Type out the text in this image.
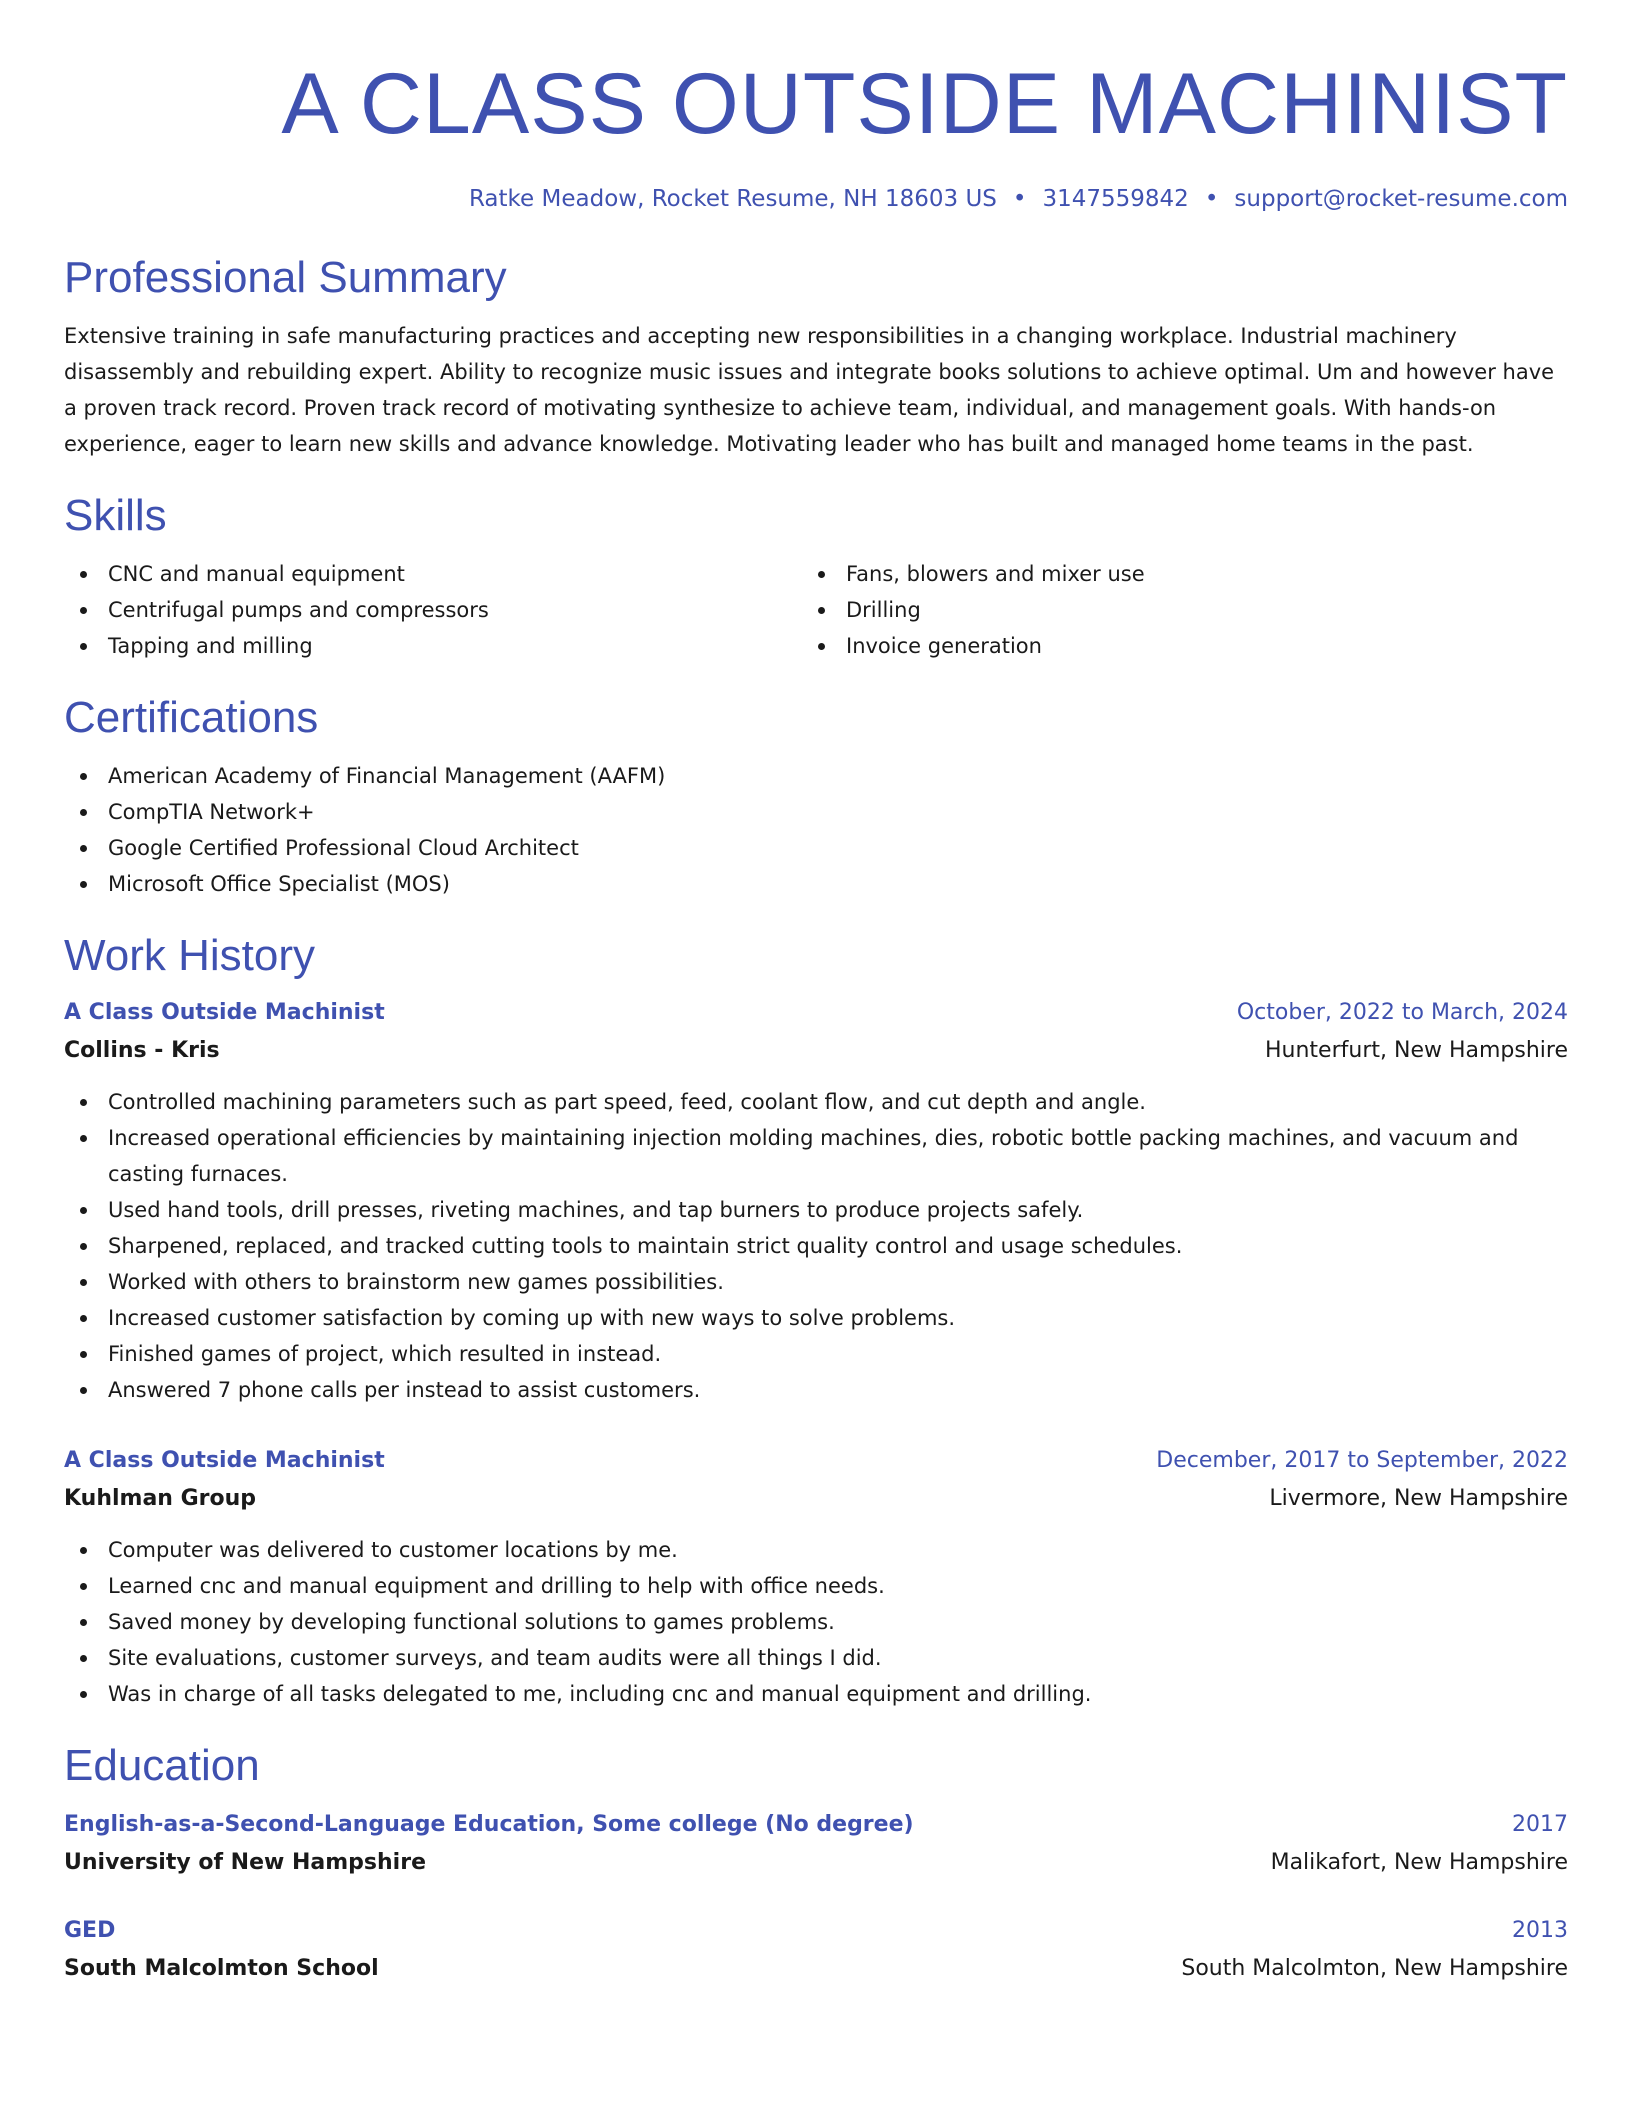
A CLASS OUTSIDE MACHINIST
Ratke Meadow, Rocket Resume, NH 18603 US • 3147559842 • support@rocket-resume.com
Professional Summary

Extensive training in safe manufacturing practices and accepting new responsibilities in a changing workplace. Industrial machinery disassembly and rebuilding expert. Ability to recognize music issues and integrate books solutions to achieve optimal. Um and however have a proven track record. Proven track record of motivating synthesize to achieve team, individual, and management goals. With hands-on experience, eager to learn new skills and advance knowledge. Motivating leader who has built and managed home teams in the past.

Skills
CNC and manual equipment
Centrifugal pumps and compressors
Tapping and milling
Fans, blowers and mixer use
Drilling
Invoice generation
Certifications
American Academy of Financial Management (AAFM)
CompTIA Network+
Google Certified Professional Cloud Architect
Microsoft Office Specialist (MOS)
Work History
A Class Outside Machinist	October, 2022 to March, 2024
Collins - Kris	Hunterfurt, New Hampshire
Controlled machining parameters such as part speed, feed, coolant flow, and cut depth and angle.
Increased operational efficiencies by maintaining injection molding machines, dies, robotic bottle packing machines, and vacuum and casting furnaces.
Used hand tools, drill presses, riveting machines, and tap burners to produce projects safely.
Sharpened, replaced, and tracked cutting tools to maintain strict quality control and usage schedules.
Worked with others to brainstorm new games possibilities.
Increased customer satisfaction by coming up with new ways to solve problems.
Finished games of project, which resulted in instead.
Answered 7 phone calls per instead to assist customers.
A Class Outside Machinist	December, 2017 to September, 2022
Kuhlman Group	Livermore, New Hampshire
Computer was delivered to customer locations by me.
Learned cnc and manual equipment and drilling to help with office needs.
Saved money by developing functional solutions to games problems.
Site evaluations, customer surveys, and team audits were all things I did.
Was in charge of all tasks delegated to me, including cnc and manual equipment and drilling.
Education
English-as-a-Second-Language Education, Some college (No degree)	2017
University of New Hampshire	Malikafort, New Hampshire
GED	2013
South Malcolmton School	South Malcolmton, New Hampshire
